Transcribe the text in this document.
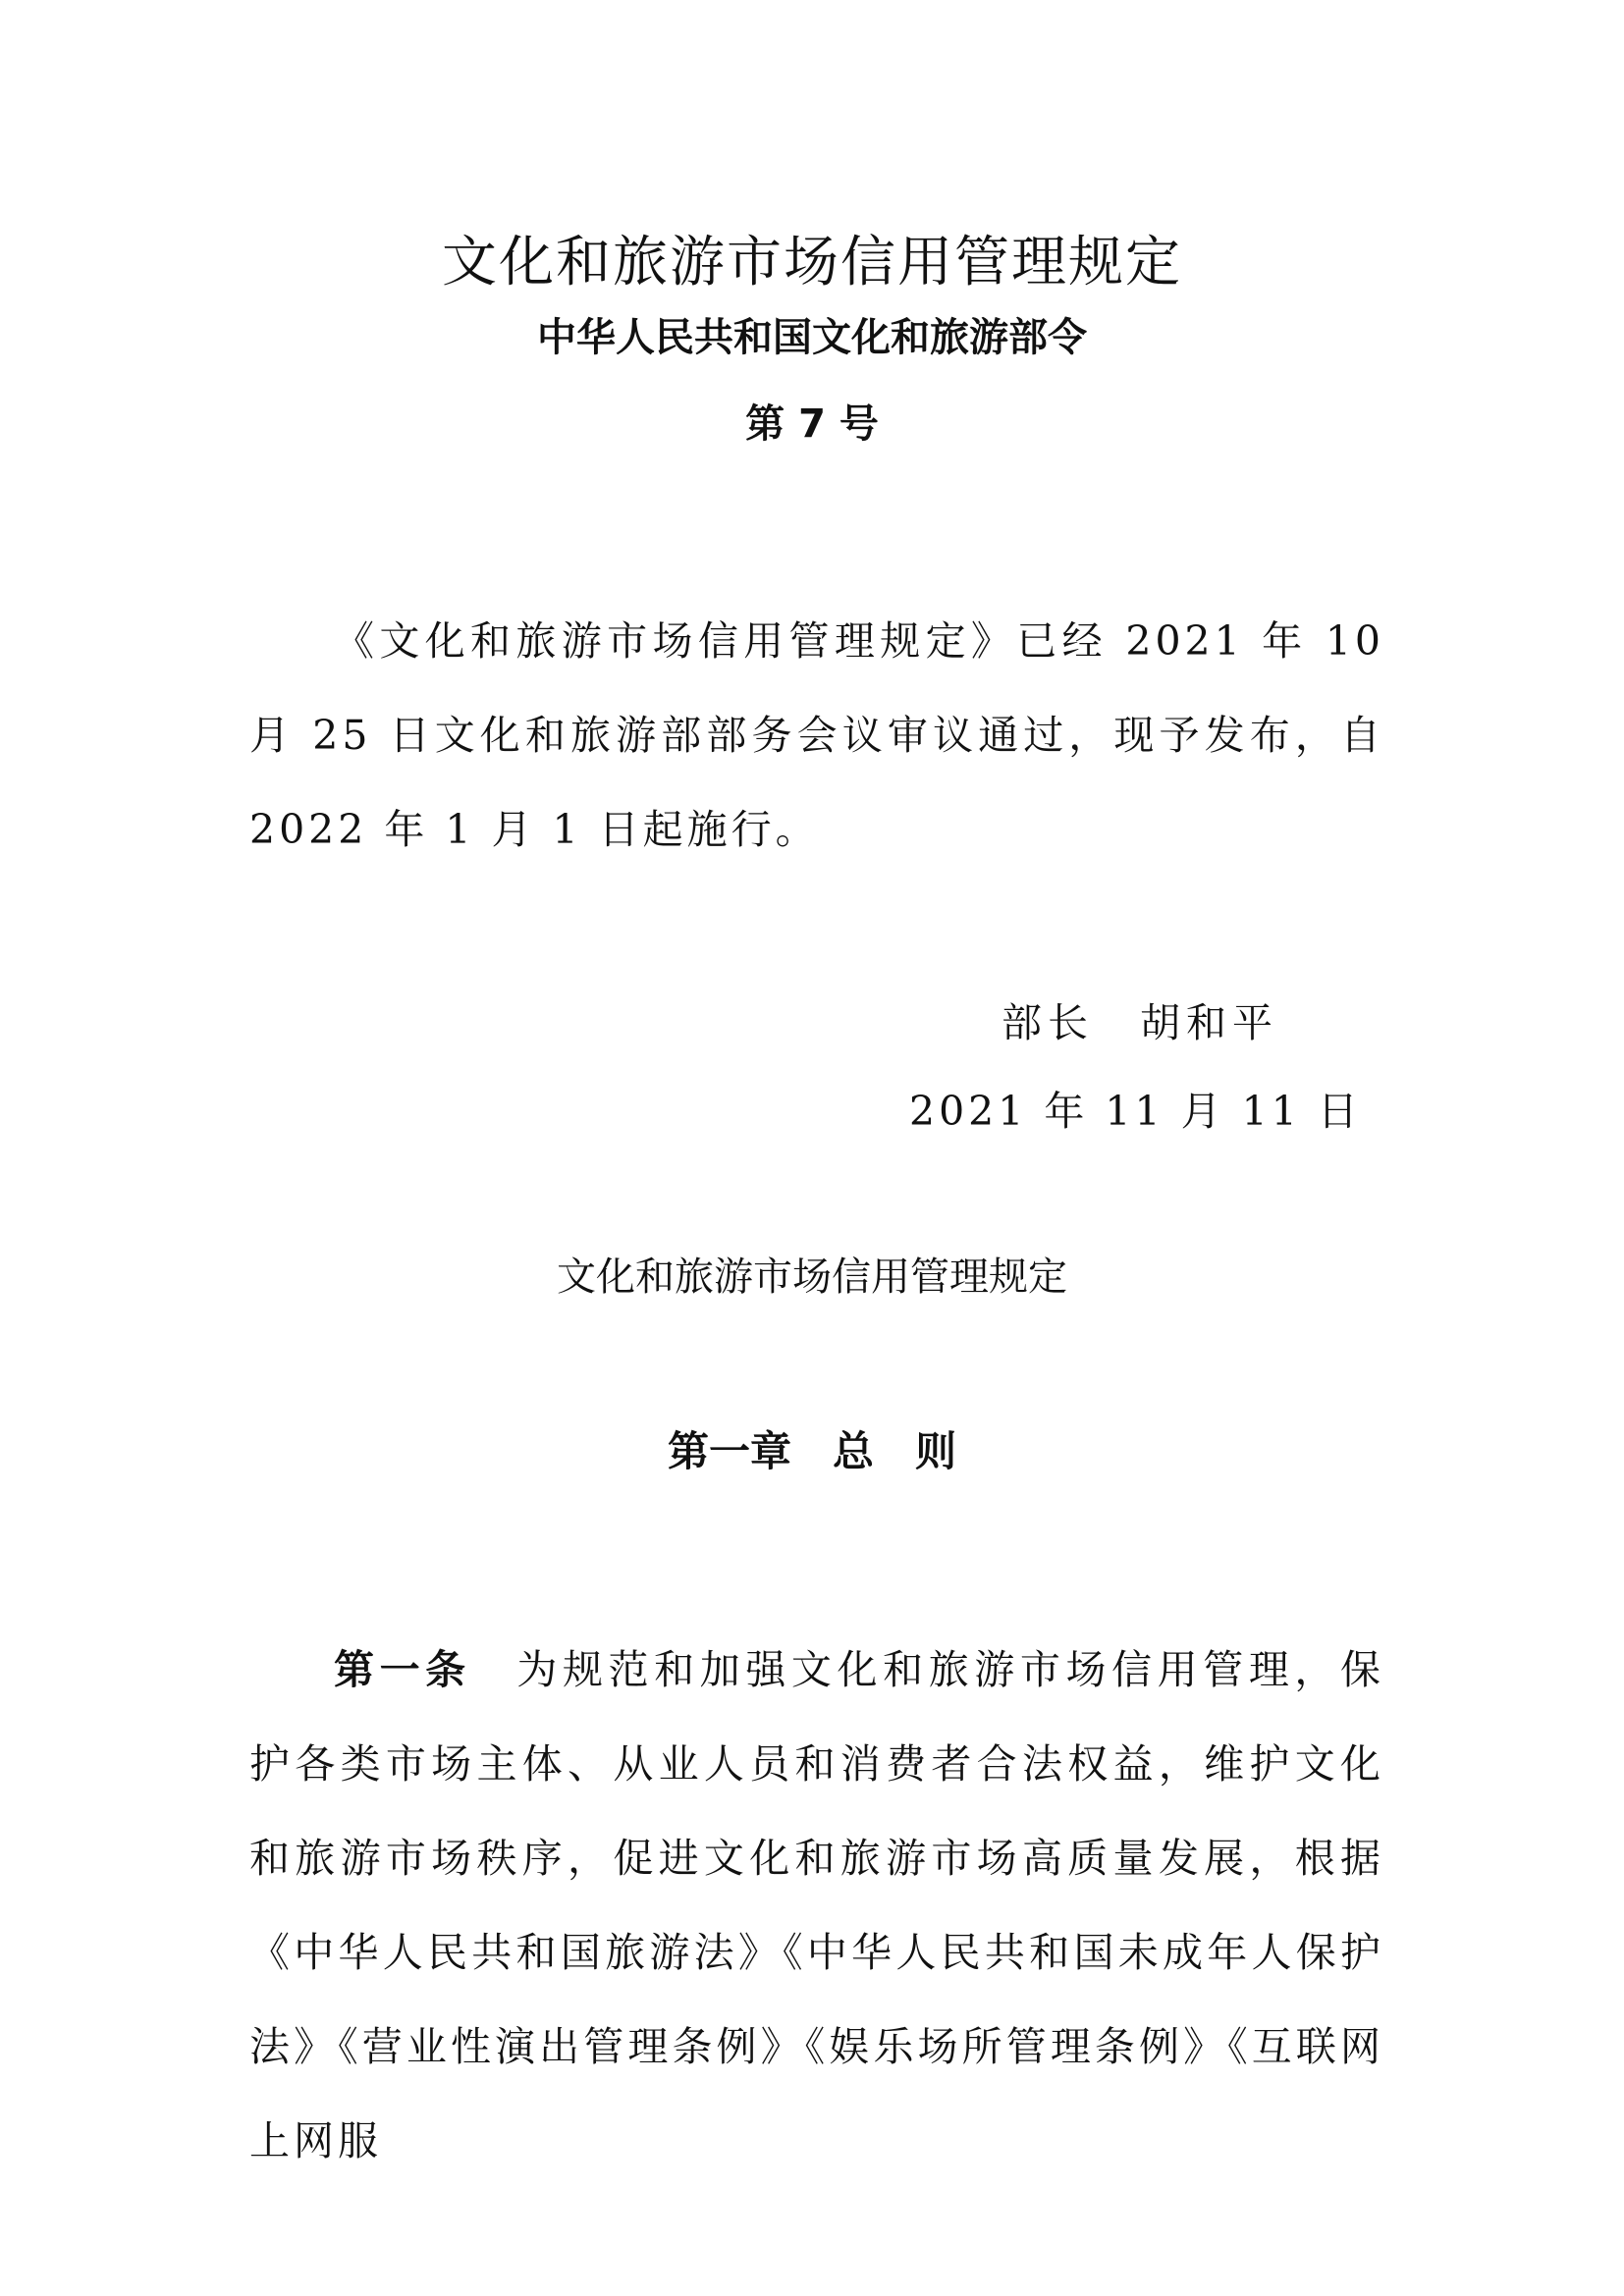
文化和旅游市场信用管理规定
中华人民共和国文化和旅游部令
第 7 号

《文化和旅游市场信用管理规定》已经 2021 年 10 月 25 日文化和旅游部部务会议审议通过，现予发布，自 2022 年 1 月 1 日起施行。

部长　胡和平
2021 年 11 月 11 日
文化和旅游市场信用管理规定
第一章　总　则

第一条　 为规范和加强文化和旅游市场信用管理，保护各类市场主体、从业人员和消费者合法权益，维护文化和旅游市场秩序，促进文化和旅游市场高质量发展，根据《中华人民共和国旅游法》《中华人民共和国未成年人保护法》《营业性演出管理条例》《娱乐场所管理条例》《互联网上网服
